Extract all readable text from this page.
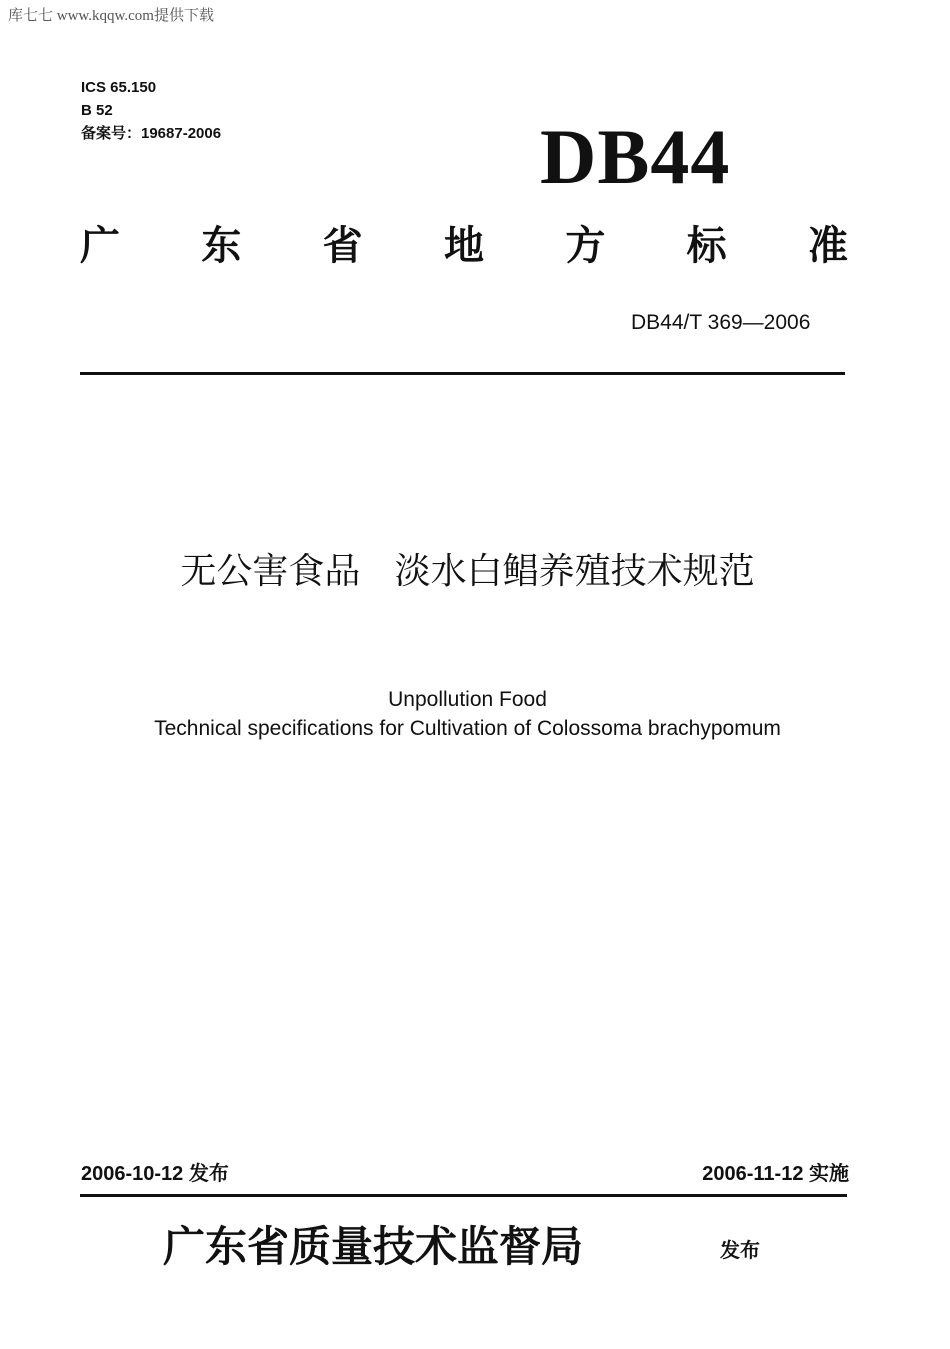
库七七 www.kqqw.com提供下载
ICS 65.150
B 52
备案号：19687-2006	DB44
广 东 省 地 方 标 准
DB44/T 369—2006
无公害食品   淡水白鲳养殖技术规范
Unpollution Food
Technical specifications for Cultivation of Colossoma brachypomum
2006-10-12 发布	2006-11-12 实施
广东省质量技术监督局	发布
